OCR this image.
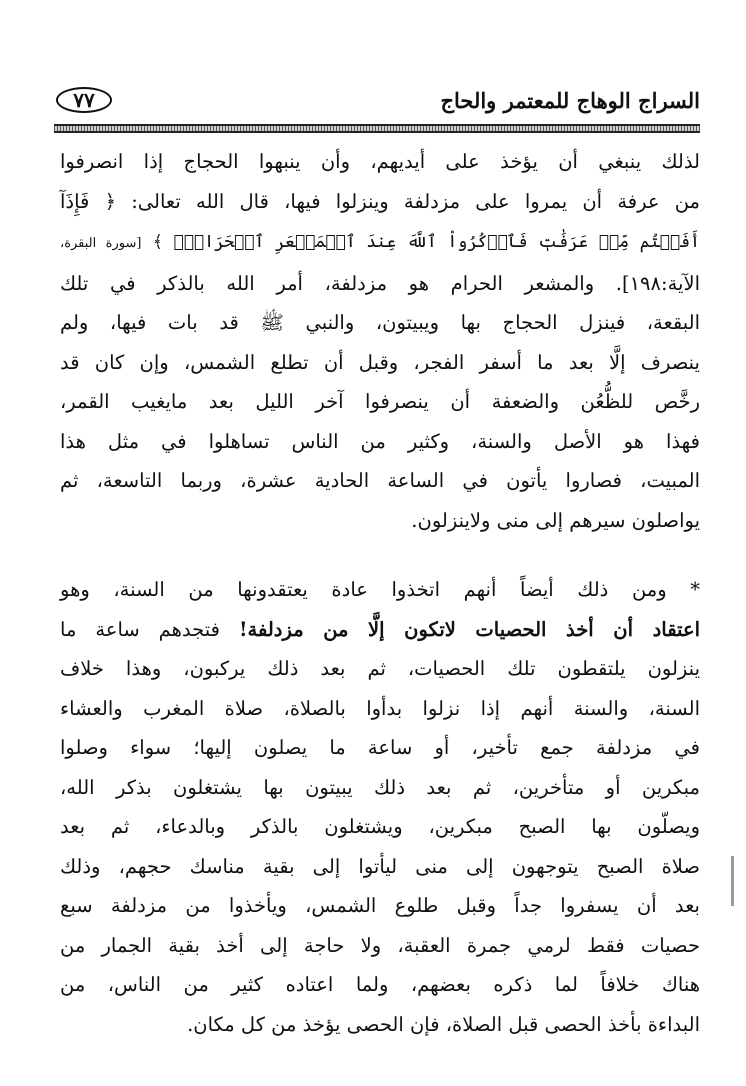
٧٧	السراج الوهاج للمعتمر والحاج
لذلك ينبغي أن يؤخذ على أيديهم، وأن ينبهوا الحجاج إذا انصرفوا
من عرفة أن يمروا على مزدلفة وينزلوا فيها، قال الله تعالى: ﴿ فَإِذَآ
أَفَضۡتُم مِّنۡ عَرَفَٰتٖ فَٱذۡكُرُواْ ٱللَّهَ عِندَ ٱلۡمَشۡعَرِ ٱلۡحَرَامِۖ ﴾ [سورة البقرة،
الآية:١٩٨]. والمشعر الحرام هو مزدلفة، أمر الله بالذكر في تلك
البقعة، فينزل الحجاج بها ويبيتون، والنبي ﷺ قد بات فيها، ولم
ينصرف إلَّا بعد ما أسفر الفجر، وقبل أن تطلع الشمس، وإن كان قد
رخَّص للظُّعُن والضعفة أن ينصرفوا آخر الليل بعد مايغيب القمر،
فهذا هو الأصل والسنة، وكثير من الناس تساهلوا في مثل هذا
المبيت، فصاروا يأتون في الساعة الحادية عشرة، وربما التاسعة، ثم
يواصلون سيرهم إلى منى ولاينزلون.
* ومن ذلك أيضاً أنهم اتخذوا عادة يعتقدونها من السنة، وهو
اعتقاد أن أخذ الحصيات لاتكون إلَّا من مزدلفة! فتجدهم ساعة ما
ينزلون يلتقطون تلك الحصيات، ثم بعد ذلك يركبون، وهذا خلاف
السنة، والسنة أنهم إذا نزلوا بدأوا بالصلاة، صلاة المغرب والعشاء
في مزدلفة جمع تأخير، أو ساعة ما يصلون إليها؛ سواء وصلوا
مبكرين أو متأخرين، ثم بعد ذلك يبيتون بها يشتغلون بذكر الله،
ويصلّون بها الصبح مبكرين، ويشتغلون بالذكر وبالدعاء، ثم بعد
صلاة الصبح يتوجهون إلى منى ليأتوا إلى بقية مناسك حجهم، وذلك
بعد أن يسفروا جداً وقبل طلوع الشمس، ويأخذوا من مزدلفة سبع
حصيات فقط لرمي جمرة العقبة، ولا حاجة إلى أخذ بقية الجمار من
هناك خلافاً لما ذكره بعضهم، ولما اعتاده كثير من الناس، من
البداءة بأخذ الحصى قبل الصلاة، فإن الحصى يؤخذ من كل مكان.
